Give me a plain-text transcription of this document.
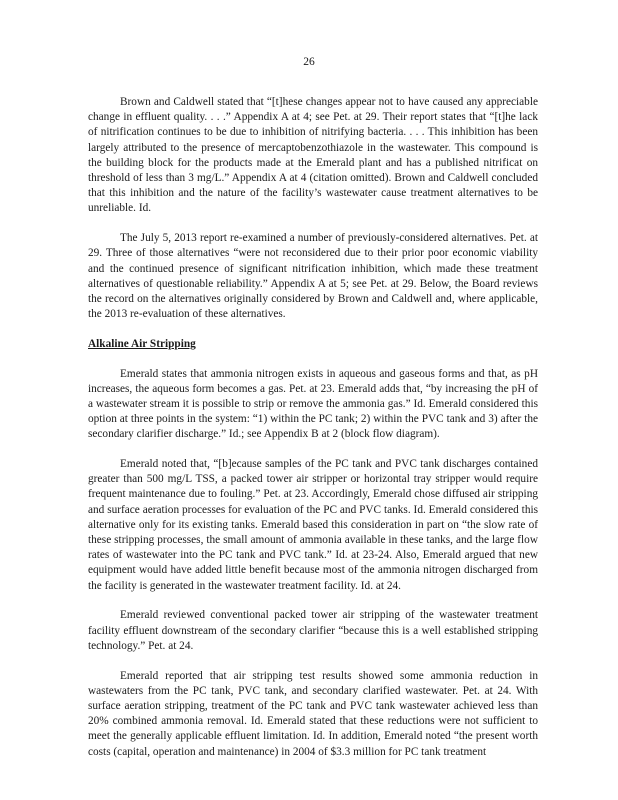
26

Brown and Caldwell stated that “[t]hese changes appear not to have caused any appreciable change in effluent quality. . . .” Appendix A at 4; see Pet. at 29. Their report states that “[t]he lack of nitrification continues to be due to inhibition of nitrifying bacteria. . . . This inhibition has been largely attributed to the presence of mercaptobenzothiazole in the wastewater. This compound is the building block for the products made at the Emerald plant and has a published nitrificat on threshold of less than 3 mg/L.” Appendix A at 4 (citation omitted). Brown and Caldwell concluded that this inhibition and the nature of the facility’s wastewater cause treatment alternatives to be unreliable. Id.

The July 5, 2013 report re-examined a number of previously-considered alternatives. Pet. at 29. Three of those alternatives “were not reconsidered due to their prior poor economic viability and the continued presence of significant nitrification inhibition, which made these treatment alternatives of questionable reliability.” Appendix A at 5; see Pet. at 29. Below, the Board reviews the record on the alternatives originally considered by Brown and Caldwell and, where applicable, the 2013 re-evaluation of these alternatives.

Alkaline Air Stripping

Emerald states that ammonia nitrogen exists in aqueous and gaseous forms and that, as pH increases, the aqueous form becomes a gas. Pet. at 23. Emerald adds that, “by increasing the pH of a wastewater stream it is possible to strip or remove the ammonia gas.” Id. Emerald considered this option at three points in the system: “1) within the PC tank; 2) within the PVC tank and 3) after the secondary clarifier discharge.” Id.; see Appendix B at 2 (block flow diagram).

Emerald noted that, “[b]ecause samples of the PC tank and PVC tank discharges contained greater than 500 mg/L TSS, a packed tower air stripper or horizontal tray stripper would require frequent maintenance due to fouling.” Pet. at 23. Accordingly, Emerald chose diffused air stripping and surface aeration processes for evaluation of the PC and PVC tanks. Id. Emerald considered this alternative only for its existing tanks. Emerald based this consideration in part on “the slow rate of these stripping processes, the small amount of ammonia available in these tanks, and the large flow rates of wastewater into the PC tank and PVC tank.” Id. at 23-24. Also, Emerald argued that new equipment would have added little benefit because most of the ammonia nitrogen discharged from the facility is generated in the wastewater treatment facility. Id. at 24.

Emerald reviewed conventional packed tower air stripping of the wastewater treatment facility effluent downstream of the secondary clarifier “because this is a well established stripping technology.” Pet. at 24.

Emerald reported that air stripping test results showed some ammonia reduction in wastewaters from the PC tank, PVC tank, and secondary clarified wastewater. Pet. at 24. With surface aeration stripping, treatment of the PC tank and PVC tank wastewater achieved less than 20% combined ammonia removal. Id. Emerald stated that these reductions were not sufficient to meet the generally applicable effluent limitation. Id. In addition, Emerald noted “the present worth costs (capital, operation and maintenance) in 2004 of $3.3 million for PC tank treatment
